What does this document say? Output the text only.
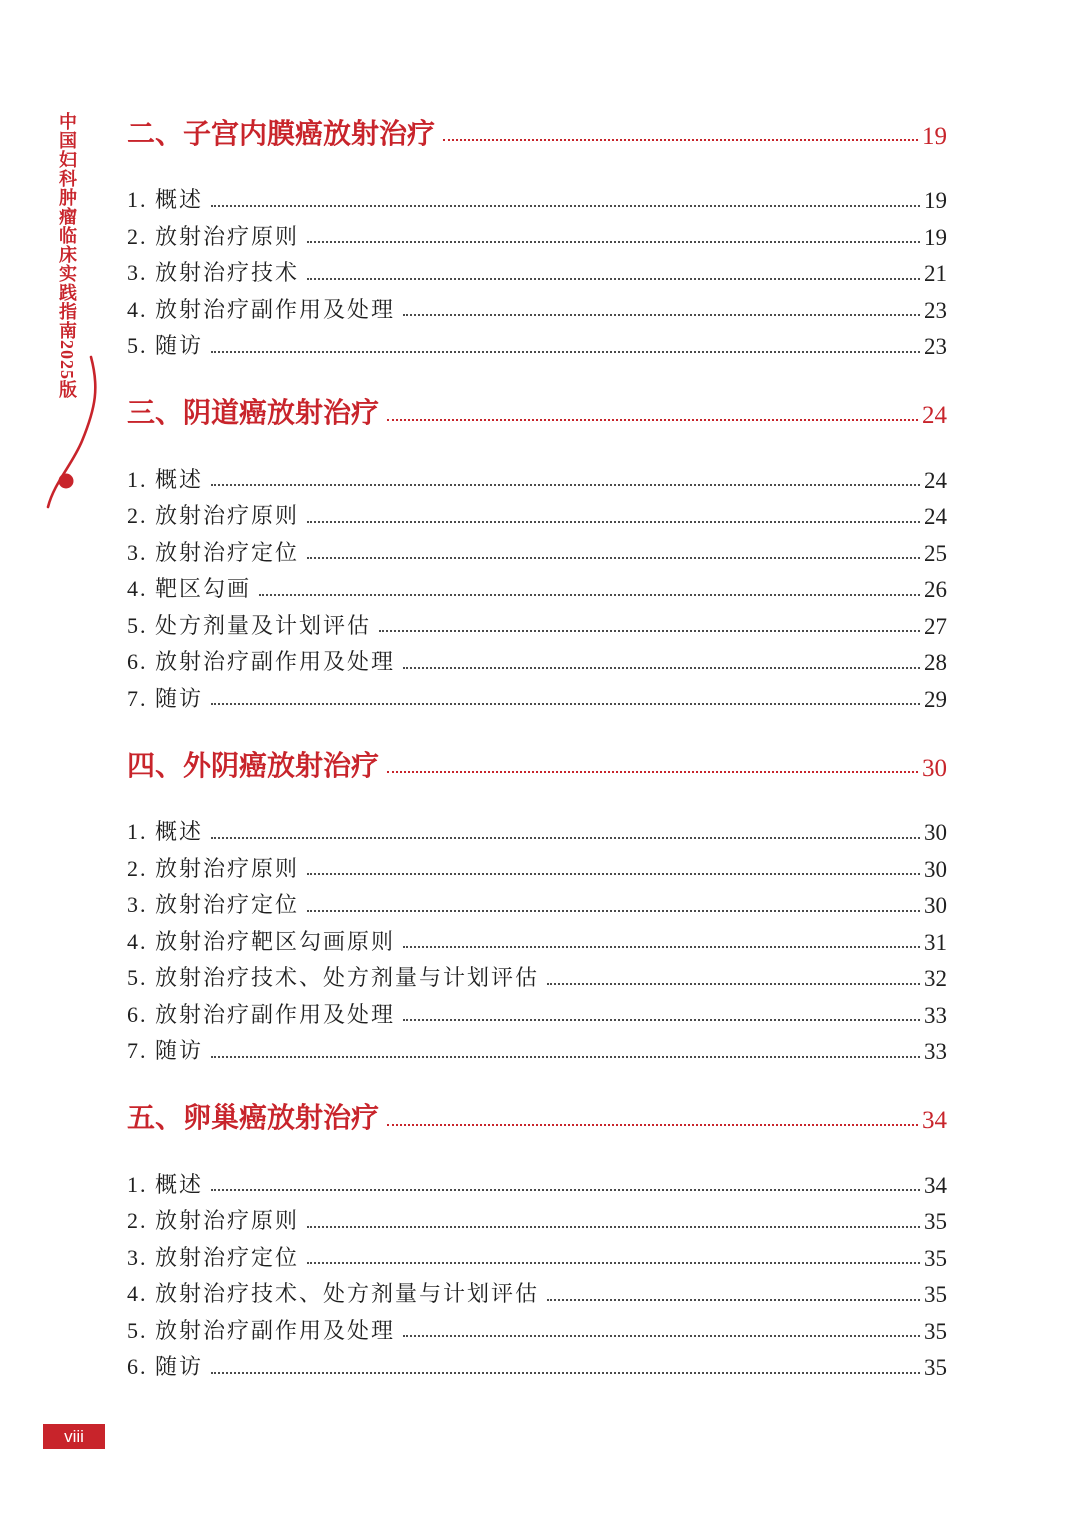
中国妇科肿瘤临床实践指南2025版 二、子宫内膜癌放射治疗	19
1. 概述	19
2. 放射治疗原则	19
3. 放射治疗技术	21
4. 放射治疗副作用及处理	23
5. 随访	23
三、阴道癌放射治疗	24
1. 概述	24
2. 放射治疗原则	24
3. 放射治疗定位	25
4. 靶区勾画	26
5. 处方剂量及计划评估	27
6. 放射治疗副作用及处理	28
7. 随访	29
四、外阴癌放射治疗	30
1. 概述	30
2. 放射治疗原则	30
3. 放射治疗定位	30
4. 放射治疗靶区勾画原则	31
5. 放射治疗技术、处方剂量与计划评估	32
6. 放射治疗副作用及处理	33
7. 随访	33
五、卵巢癌放射治疗	34
1. 概述	34
2. 放射治疗原则	35
3. 放射治疗定位	35
4. 放射治疗技术、处方剂量与计划评估	35
5. 放射治疗副作用及处理	35
6. 随访	35
viii
